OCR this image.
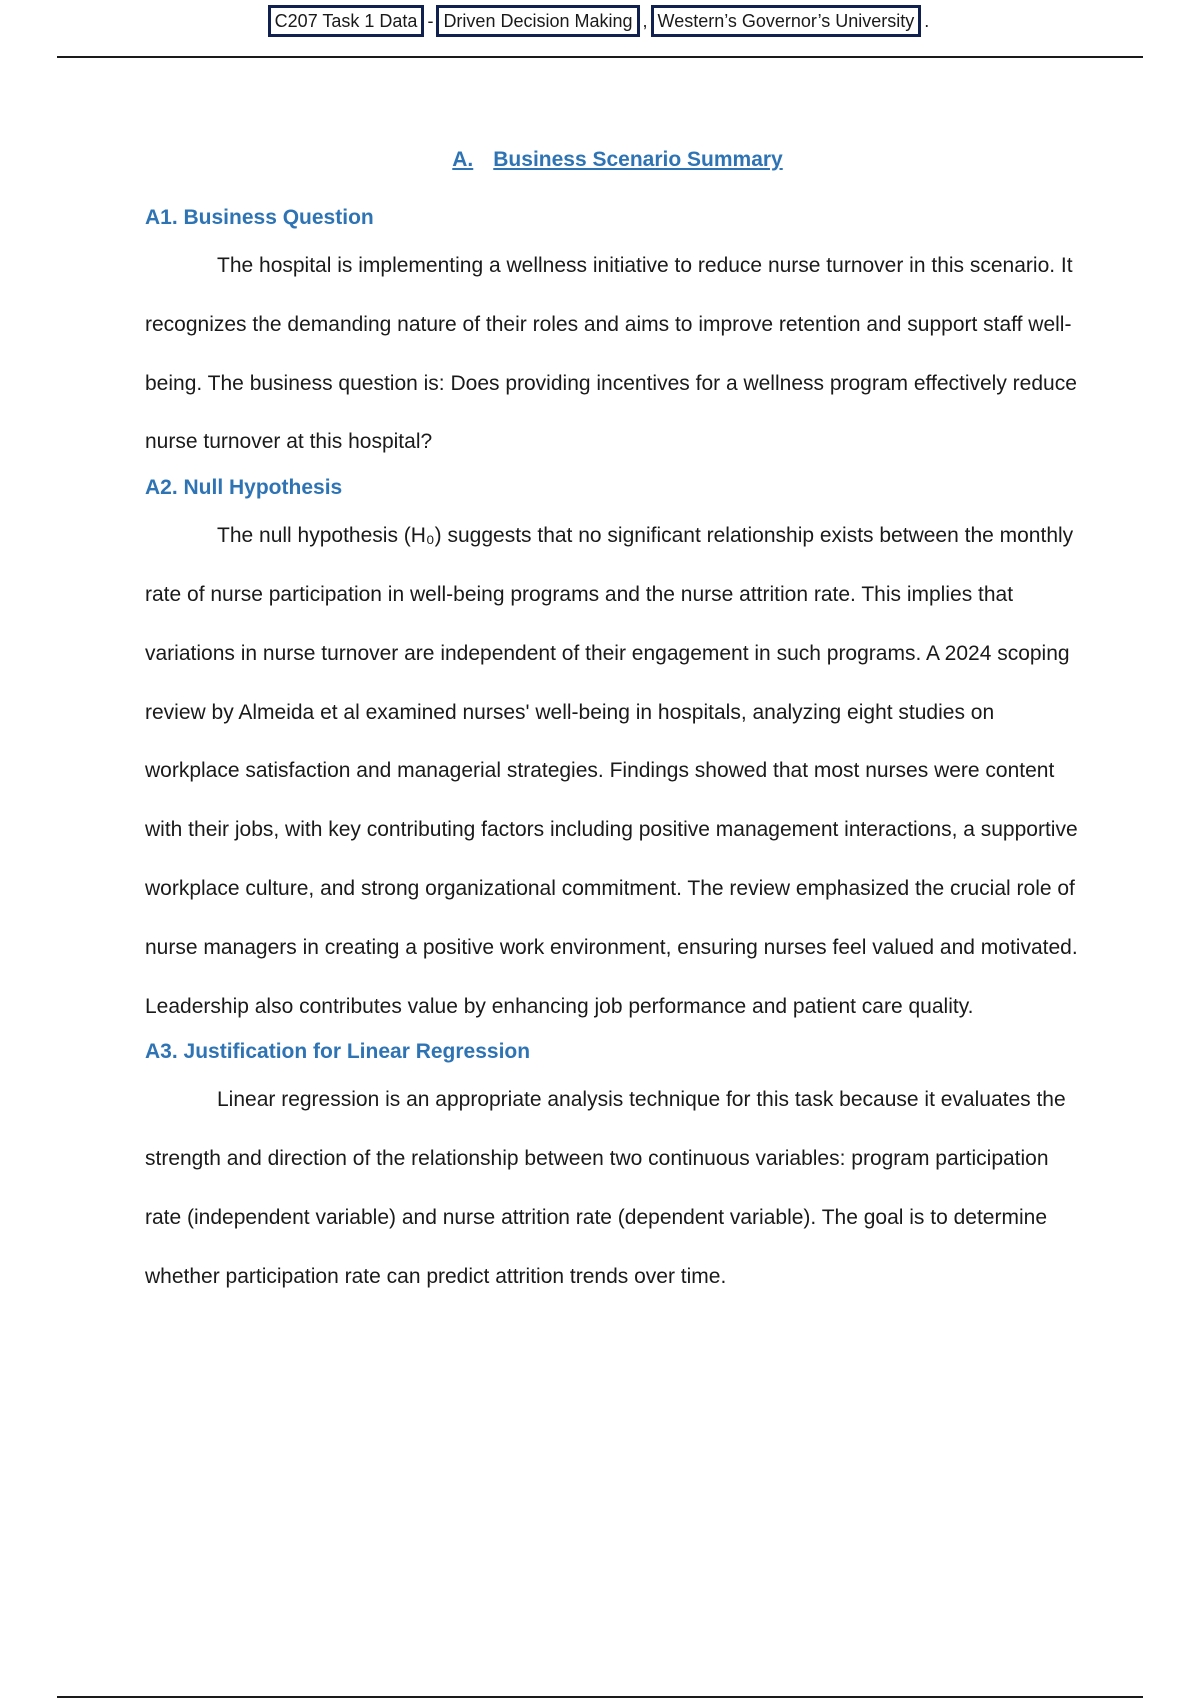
C207 Task 1 Data - Driven Decision Making , Western’s Governor’s University .
A. Business Scenario Summary
A1. Business Question

The hospital is implementing a wellness initiative to reduce nurse turnover in this scenario. It recognizes the demanding nature of their roles and aims to improve retention and support staff well-being. The business question is: Does providing incentives for a wellness program effectively reduce nurse turnover at this hospital?

A2. Null Hypothesis

The null hypothesis (H₀) suggests that no significant relationship exists between the monthly rate of nurse participation in well-being programs and the nurse attrition rate. This implies that variations in nurse turnover are independent of their engagement in such programs. A 2024 scoping review by Almeida et al examined nurses' well-being in hospitals, analyzing eight studies on workplace satisfaction and managerial strategies. Findings showed that most nurses were content with their jobs, with key contributing factors including positive management interactions, a supportive workplace culture, and strong organizational commitment. The review emphasized the crucial role of nurse managers in creating a positive work environment, ensuring nurses feel valued and motivated. Leadership also contributes value by enhancing job performance and patient care quality.

A3. Justification for Linear Regression

Linear regression is an appropriate analysis technique for this task because it evaluates the strength and direction of the relationship between two continuous variables: program participation rate (independent variable) and nurse attrition rate (dependent variable). The goal is to determine whether participation rate can predict attrition trends over time.
